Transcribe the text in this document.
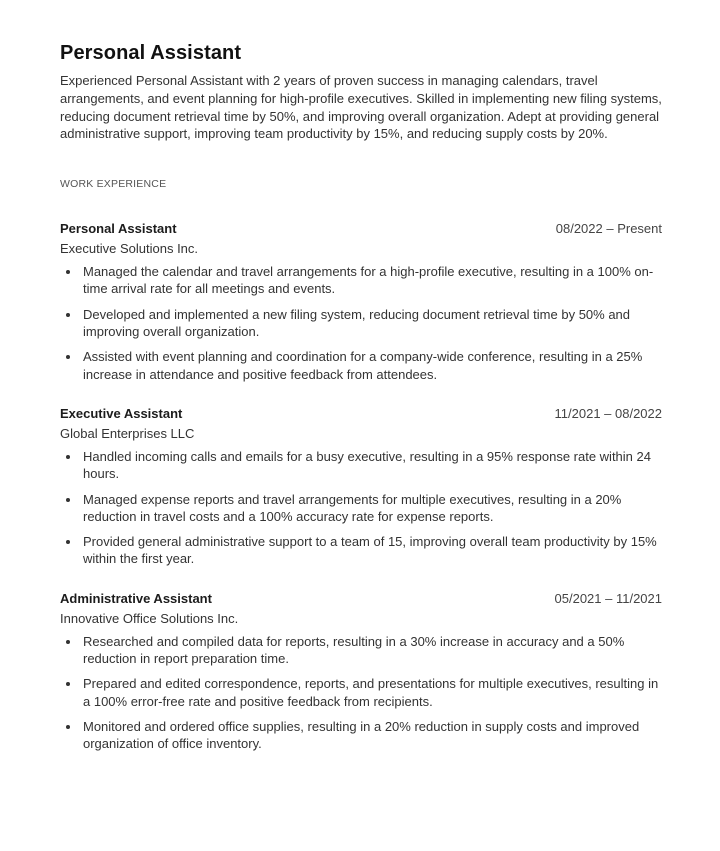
Personal Assistant

Experienced Personal Assistant with 2 years of proven success in managing calendars, travel arrangements, and event planning for high-profile executives. Skilled in implementing new filing systems, reducing document retrieval time by 50%, and improving overall organization. Adept at providing general administrative support, improving team productivity by 15%, and reducing supply costs by 20%.

WORK EXPERIENCE
Personal Assistant	08/2022 – Present
Executive Solutions Inc.
Managed the calendar and travel arrangements for a high-profile executive, resulting in a 100% on-time arrival rate for all meetings and events.
Developed and implemented a new filing system, reducing document retrieval time by 50% and improving overall organization.
Assisted with event planning and coordination for a company-wide conference, resulting in a 25% increase in attendance and positive feedback from attendees.
Executive Assistant	11/2021 – 08/2022
Global Enterprises LLC
Handled incoming calls and emails for a busy executive, resulting in a 95% response rate within 24 hours.
Managed expense reports and travel arrangements for multiple executives, resulting in a 20% reduction in travel costs and a 100% accuracy rate for expense reports.
Provided general administrative support to a team of 15, improving overall team productivity by 15% within the first year.
Administrative Assistant	05/2021 – 11/2021
Innovative Office Solutions Inc.
Researched and compiled data for reports, resulting in a 30% increase in accuracy and a 50% reduction in report preparation time.
Prepared and edited correspondence, reports, and presentations for multiple executives, resulting in a 100% error-free rate and positive feedback from recipients.
Monitored and ordered office supplies, resulting in a 20% reduction in supply costs and improved organization of office inventory.
